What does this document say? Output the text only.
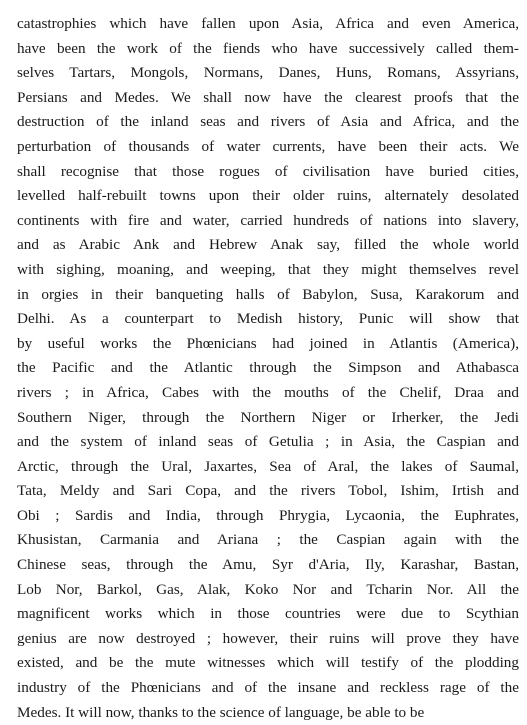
catastrophies which have fallen upon Asia, Africa and even America,
have been the work of the fiends who have successively called them-
selves Tartars, Mongols, Normans, Danes, Huns, Romans, Assyrians,
Persians and Medes. We shall now have the clearest proofs that the
destruction of the inland seas and rivers of Asia and Africa, and the
perturbation of thousands of water currents, have been their acts. We
shall recognise that those rogues of civilisation have buried cities,
levelled half-rebuilt towns upon their older ruins, alternately desolated
continents with fire and water, carried hundreds of nations into slavery,
and as Arabic Ank and Hebrew Anak say, filled the whole world
with sighing, moaning, and weeping, that they might themselves revel
in orgies in their banqueting halls of Babylon, Susa, Karakorum and
Delhi. As a counterpart to Medish history, Punic will show that
by useful works the Phœnicians had joined in Atlantis (America),
the Pacific and the Atlantic through the Simpson and Athabasca
rivers ; in Africa, Cabes with the mouths of the Chelif, Draa and
Southern Niger, through the Northern Niger or Irherker, the Jedi
and the system of inland seas of Getulia ; in Asia, the Caspian and
Arctic, through the Ural, Jaxartes, Sea of Aral, the lakes of Saumal,
Tata, Meldy and Sari Copa, and the rivers Tobol, Ishim, Irtish and
Obi ; Sardis and India, through Phrygia, Lycaonia, the Euphrates,
Khusistan, Carmania and Ariana ; the Caspian again with the
Chinese seas, through the Amu, Syr d'Aria, Ily, Karashar, Bastan,
Lob Nor, Barkol, Gas, Alak, Koko Nor and Tcharin Nor. All the
magnificent works which in those countries were due to Scythian
genius are now destroyed ; however, their ruins will prove they have
existed, and be the mute witnesses which will testify of the plodding
industry of the Phœnicians and of the insane and reckless rage of the
Medes. It will now, thanks to the science of language, be able to be
